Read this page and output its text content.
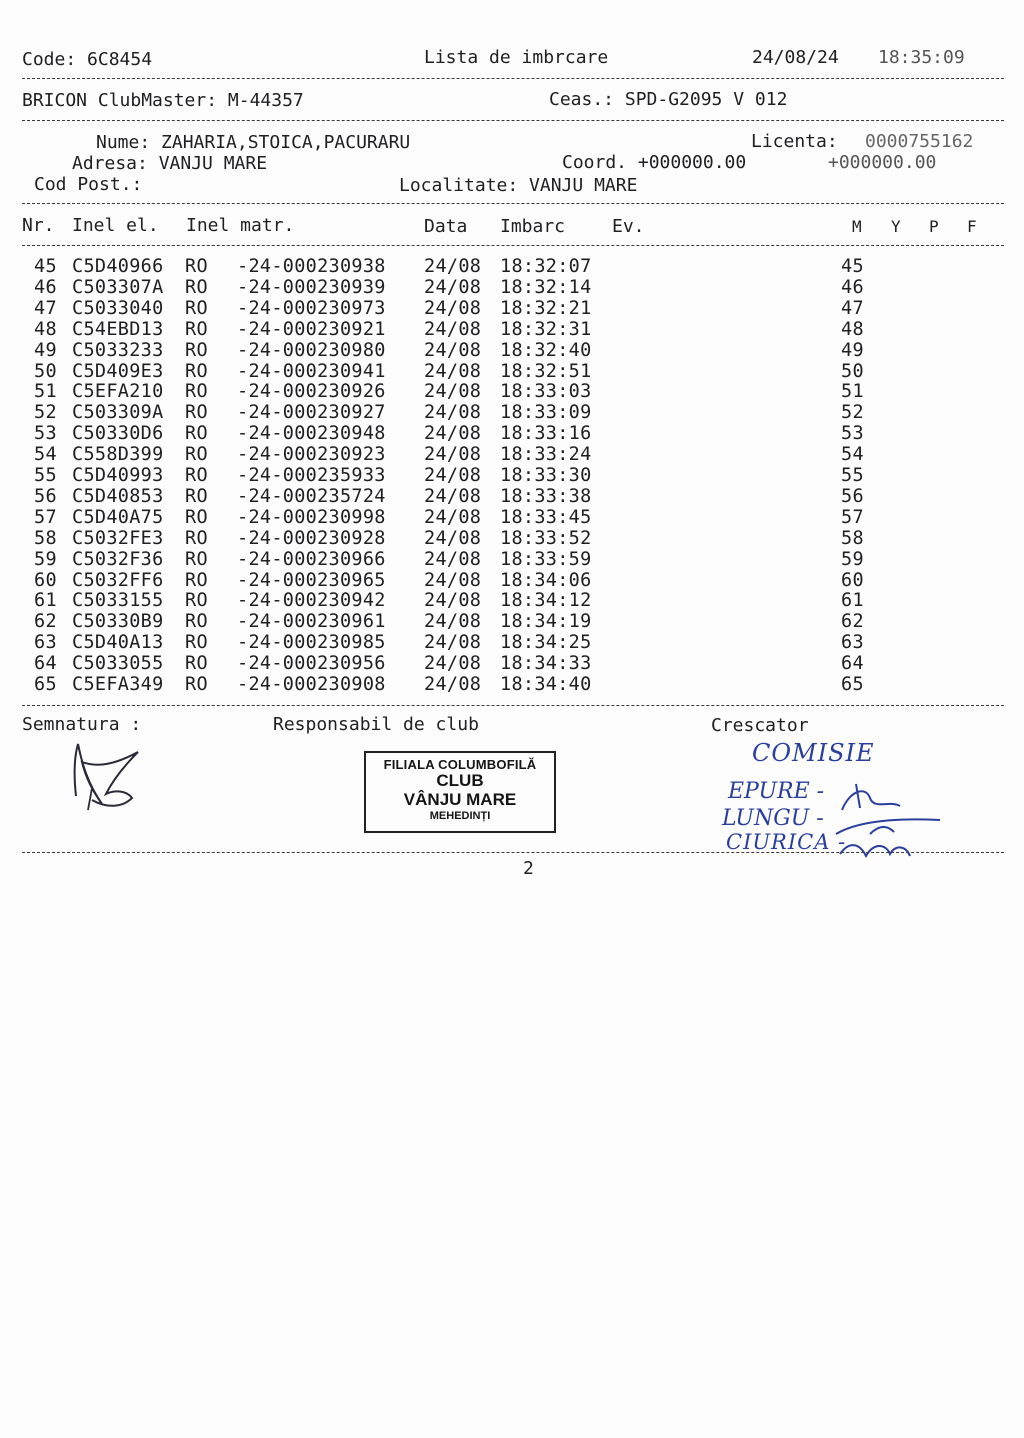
Code: 6C8454	Lista de imbrcare	24/08/24 18:35:09
BRICON ClubMaster: M-44357	Ceas.: SPD-G2095 V 012
Nume: ZAHARIA,STOICA,PACURARU	Licenta: 0000755162
Adresa: VANJU MARE	Coord. +000000.00	+000000.00
Cod Post.:	Localitate: VANJU MARE
Nr. Inel el. Inel matr.	Data Imbarc	Ev.	M Y P F
45 C5D40966 RO -24-000230938 24/08 18:32:07	45
46 C503307A RO -24-000230939 24/08 18:32:14	46
47 C5033040 RO -24-000230973 24/08 18:32:21	47
48 C54EBD13 RO -24-000230921 24/08 18:32:31	48
49 C5033233 RO -24-000230980 24/08 18:32:40	49
50 C5D409E3 RO -24-000230941 24/08 18:32:51	50
51 C5EFA210 RO -24-000230926 24/08 18:33:03	51
52 C503309A RO -24-000230927 24/08 18:33:09	52
53 C50330D6 RO -24-000230948 24/08 18:33:16	53
54 C558D399 RO -24-000230923 24/08 18:33:24	54
55 C5D40993 RO -24-000235933 24/08 18:33:30	55
56 C5D40853 RO -24-000235724 24/08 18:33:38	56
57 C5D40A75 RO -24-000230998 24/08 18:33:45	57
58 C5032FE3 RO -24-000230928 24/08 18:33:52	58
59 C5032F36 RO -24-000230966 24/08 18:33:59	59
60 C5032FF6 RO -24-000230965 24/08 18:34:06	60
61 C5033155 RO -24-000230942 24/08 18:34:12	61
62 C50330B9 RO -24-000230961 24/08 18:34:19	62
63 C5D40A13 RO -24-000230985 24/08 18:34:25	63
64 C5033055 RO -24-000230956 24/08 18:34:33	64
65 C5EFA349 RO -24-000230908 24/08 18:34:40	65
Semnatura :	Responsabil de club	Crescator
FILIALA COLUMBOFILĂ
CLUB
VÂNJU MARE
MEHEDINȚI
COMISIE
EPURE -
LUNGU -
CIURICA -
2
